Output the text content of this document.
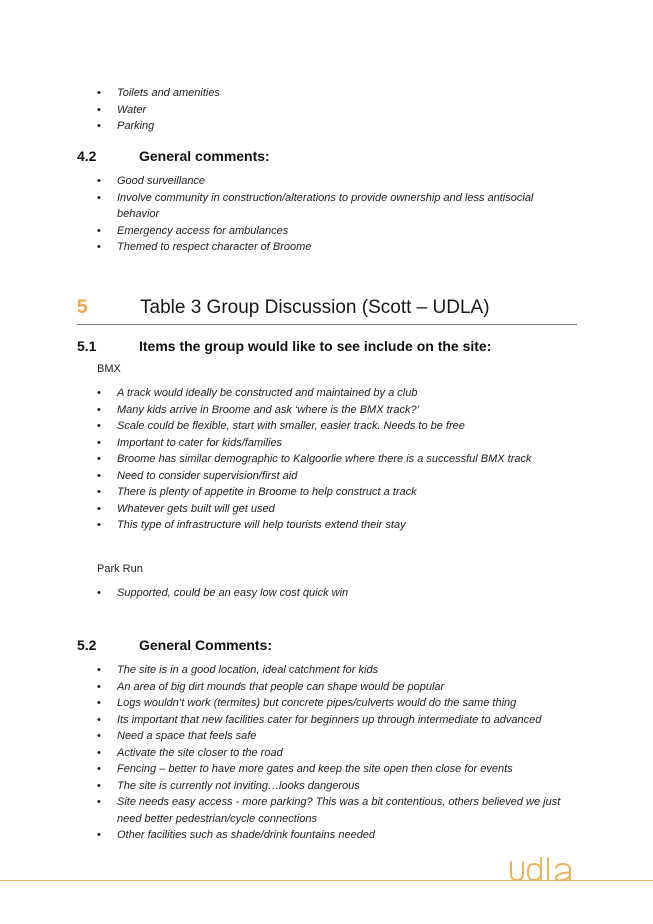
• Toilets and amenities
• Water
• Parking
4.2	General comments:
• Good surveillance
• Involve community in construction/alterations to provide ownership and less antisocial behavior
• Emergency access for ambulances
• Themed to respect character of Broome
5	Table 3 Group Discussion (Scott – UDLA)
5.1	Items the group would like to see include on the site:
BMX
• A track would ideally be constructed and maintained by a club
• Many kids arrive in Broome and ask ‘where is the BMX track?’
• Scale could be flexible, start with smaller, easier track. Needs to be free
• Important to cater for kids/families
• Broome has similar demographic to Kalgoorlie where there is a successful BMX track
• Need to consider supervision/first aid
• There is plenty of appetite in Broome to help construct a track
• Whatever gets built will get used
• This type of infrastructure will help tourists extend their stay
Park Run
• Supported, could be an easy low cost quick win
5.2	General Comments:
• The site is in a good location, ideal catchment for kids
• An area of big dirt mounds that people can shape would be popular
• Logs wouldn’t work (termites) but concrete pipes/culverts would do the same thing
• Its important that new facilities cater for beginners up through intermediate to advanced
• Need a space that feels safe
• Activate the site closer to the road
• Fencing – better to have more gates and keep the site open then close for events
• The site is currently not inviting…looks dangerous
• Site needs easy access - more parking? This was a bit contentious, others believed we just need better pedestrian/cycle connections
• Other facilities such as shade/drink fountains needed
